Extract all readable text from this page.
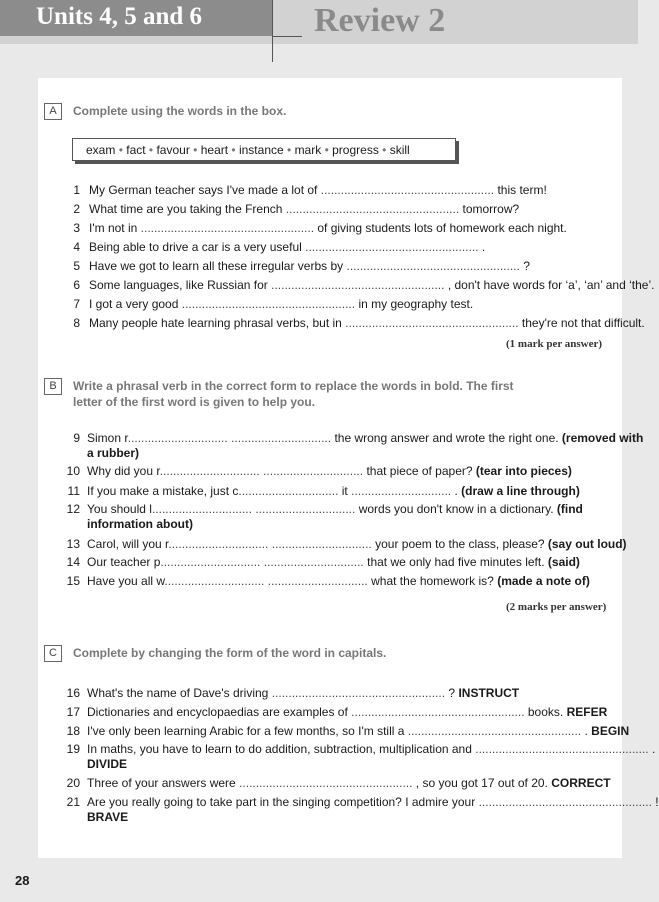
Units 4, 5 and 6	Review 2
A	Complete using the words in the box.
exam • fact • favour • heart • instance • mark • progress • skill
1 My German teacher says I've made a lot of .................................................... this term!
2 What time are you taking the French .................................................... tomorrow?
3 I'm not in .................................................... of giving students lots of homework each night.
4 Being able to drive a car is a very useful .................................................... .
5 Have we got to learn all these irregular verbs by .................................................... ?
6 Some languages, like Russian for .................................................... , don't have words for ‘a’, ‘an’ and ‘the’.
7 I got a very good .................................................... in my geography test.
8 Many people hate learning phrasal verbs, but in .................................................... they're not that difficult.
(1 mark per answer)
B	Write a phrasal verb in the correct form to replace the words in bold. The first
letter of the first word is given to help you.
9 Simon r.............................. .............................. the wrong answer and wrote the right one. (removed with
a rubber)
10 Why did you r.............................. .............................. that piece of paper? (tear into pieces)
11 If you make a mistake, just c.............................. it .............................. . (draw a line through)
12 You should l.............................. .............................. words you don't know in a dictionary. (find
information about)
13 Carol, will you r.............................. .............................. your poem to the class, please? (say out loud)
14 Our teacher p.............................. .............................. that we only had five minutes left. (said)
15 Have you all w.............................. .............................. what the homework is? (made a note of)
(2 marks per answer)
C	Complete by changing the form of the word in capitals.
16 What's the name of Dave's driving .................................................... ? INSTRUCT
17 Dictionaries and encyclopaedias are examples of .................................................... books. REFER
18 I've only been learning Arabic for a few months, so I'm still a .................................................... . BEGIN
19 In maths, you have to learn to do addition, subtraction, multiplication and .................................................... .
DIVIDE
20 Three of your answers were .................................................... , so you got 17 out of 20. CORRECT
21 Are you really going to take part in the singing competition? I admire your .................................................... !
BRAVE
28
